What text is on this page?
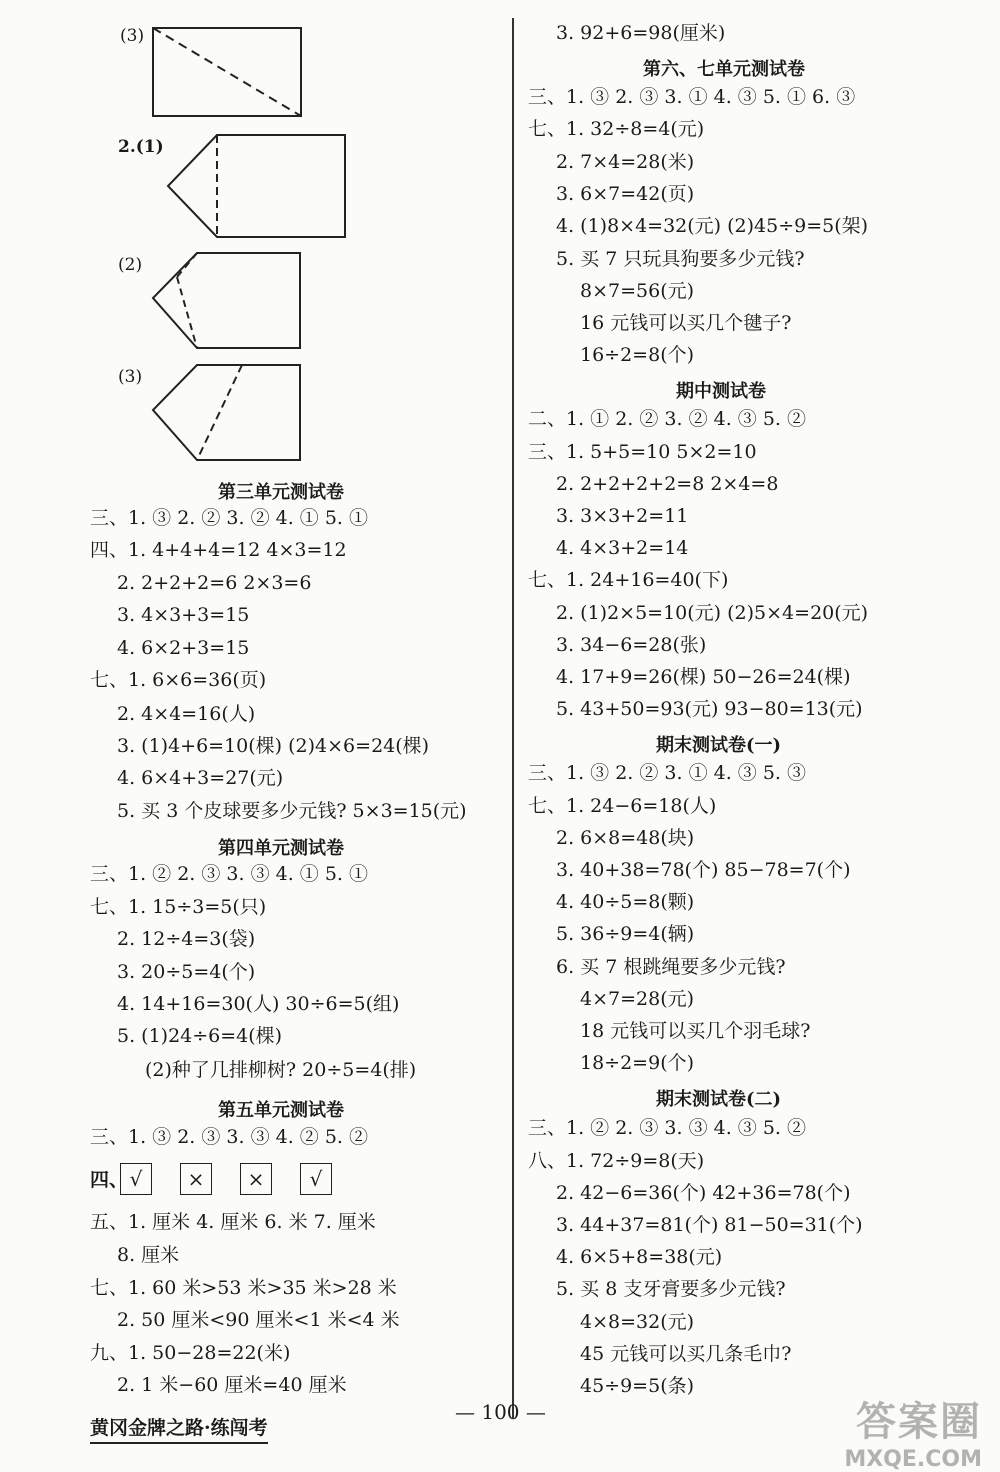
(3)
2.(1)
(2)
(3)
第三单元测试卷
三、1. ③ 2. ② 3. ② 4. ① 5. ①
四、1. 4+4+4=12 4×3=12
2. 2+2+2=6 2×3=6
3. 4×3+3=15
4. 6×2+3=15
七、1. 6×6=36(页)
2. 4×4=16(人)
3. (1)4+6=10(棵) (2)4×6=24(棵)
4. 6×4+3=27(元)
5. 买 3 个皮球要多少元钱? 5×3=15(元)
第四单元测试卷
三、1. ② 2. ③ 3. ③ 4. ① 5. ①
七、1. 15÷3=5(只)
2. 12÷4=3(袋)
3. 20÷5=4(个)
4. 14+16=30(人) 30÷6=5(组)
5. (1)24÷6=4(棵)
(2)种了几排柳树? 20÷5=4(排)
第五单元测试卷
三、1. ③ 2. ③ 3. ③ 4. ② 5. ②
四、 √	×	×	√
五、1. 厘米 4. 厘米 6. 米 7. 厘米
8. 厘米
七、1. 60 米>53 米>35 米>28 米
2. 50 厘米<90 厘米<1 米<4 米
九、1. 50−28=22(米)
2. 1 米−60 厘米=40 厘米
3. 92+6=98(厘米)
第六、七单元测试卷
三、1. ③ 2. ③ 3. ① 4. ③ 5. ① 6. ③
七、1. 32÷8=4(元)
2. 7×4=28(米)
3. 6×7=42(页)
4. (1)8×4=32(元) (2)45÷9=5(架)
5. 买 7 只玩具狗要多少元钱?
8×7=56(元)
16 元钱可以买几个毽子?
16÷2=8(个)
期中测试卷
二、1. ① 2. ② 3. ② 4. ③ 5. ②
三、1. 5+5=10 5×2=10
2. 2+2+2+2=8 2×4=8
3. 3×3+2=11
4. 4×3+2=14
七、1. 24+16=40(下)
2. (1)2×5=10(元) (2)5×4=20(元)
3. 34−6=28(张)
4. 17+9=26(棵) 50−26=24(棵)
5. 43+50=93(元) 93−80=13(元)
期末测试卷(一)
三、1. ③ 2. ② 3. ① 4. ③ 5. ③
七、1. 24−6=18(人)
2. 6×8=48(块)
3. 40+38=78(个) 85−78=7(个)
4. 40÷5=8(颗)
5. 36÷9=4(辆)
6. 买 7 根跳绳要多少元钱?
4×7=28(元)
18 元钱可以买几个羽毛球?
18÷2=9(个)
期末测试卷(二)
三、1. ② 2. ③ 3. ③ 4. ③ 5. ②
八、1. 72÷9=8(天)
2. 42−6=36(个) 42+36=78(个)
3. 44+37=81(个) 81−50=31(个)
4. 6×5+8=38(元)
5. 买 8 支牙膏要多少元钱?
4×8=32(元)
45 元钱可以买几条毛巾?
45÷9=5(条)
— 100 —
黄冈金牌之路·练闯考	答案圈
MXQE.COM
